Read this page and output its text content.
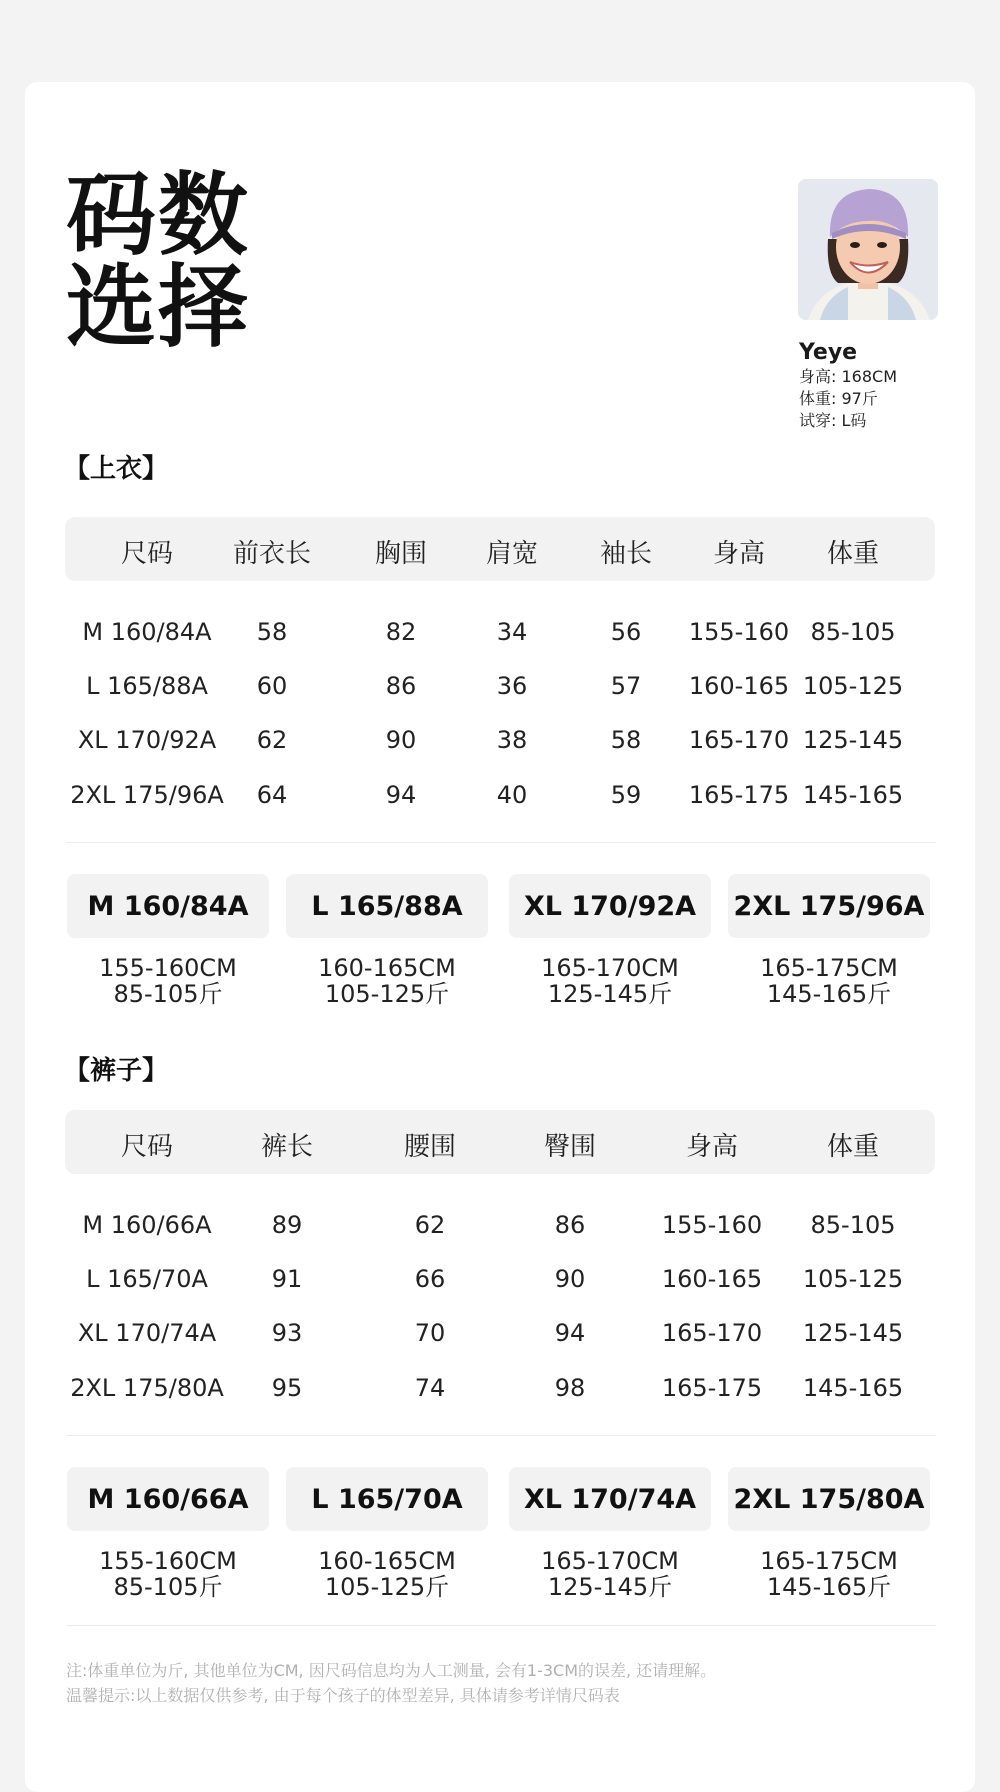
码数
选择	Yeye
身高: 168CM
体重: 97斤
试穿: L码
【上衣】
尺码 前衣长 胸围 肩宽 袖长 身高 体重
M 160/84A 58	82	34	56 155-160 85-105
L 165/88A 60	86	36	57 160-165 105-125
XL 170/92A 62	90	38	58 165-170 125-145
2XL 175/96A 64	94	40	59 165-175 145-165
M 160/84A	L 165/88A	XL 170/92A	2XL 175/96A
155-160CM
85-105斤
160-165CM
105-125斤
165-170CM
125-145斤
165-175CM
145-165斤
【裤子】
尺码	裤长	腰围	臀围	身高	体重
M 160/66A	89	62	86	155-160 85-105
L 165/70A	91	66	90	160-165 105-125
XL 170/74A 93	70	94	165-170 125-145
2XL 175/80A 95	74	98	165-175 145-165
M 160/66A	L 165/70A	XL 170/74A	2XL 175/80A
155-160CM
85-105斤
160-165CM
105-125斤
165-170CM
125-145斤
165-175CM
145-165斤
注:体重单位为斤, 其他单位为CM, 因尺码信息均为人工测量, 会有1-3CM的误差, 还请理解。
温馨提示:以上数据仅供参考, 由于每个孩子的体型差异, 具体请参考详情尺码表
